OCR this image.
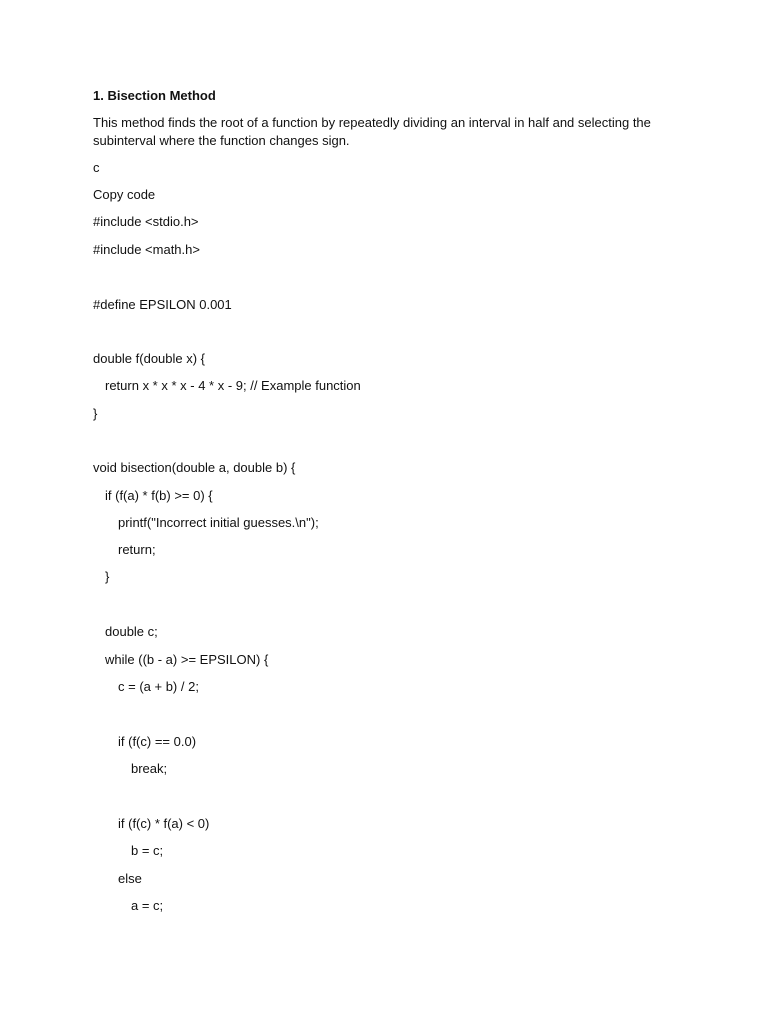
1. Bisection Method
This method finds the root of a function by repeatedly dividing an interval in half and selecting the
subinterval where the function changes sign.
c
Copy code
#include <stdio.h>
#include <math.h>
#define EPSILON 0.001
double f(double x) {
return x * x * x - 4 * x - 9; // Example function
}
void bisection(double a, double b) {
if (f(a) * f(b) >= 0) {
printf("Incorrect initial guesses.\n");
return;
}
double c;
while ((b - a) >= EPSILON) {
c = (a + b) / 2;
if (f(c) == 0.0)
break;
if (f(c) * f(a) < 0)
b = c;
else
a = c;
